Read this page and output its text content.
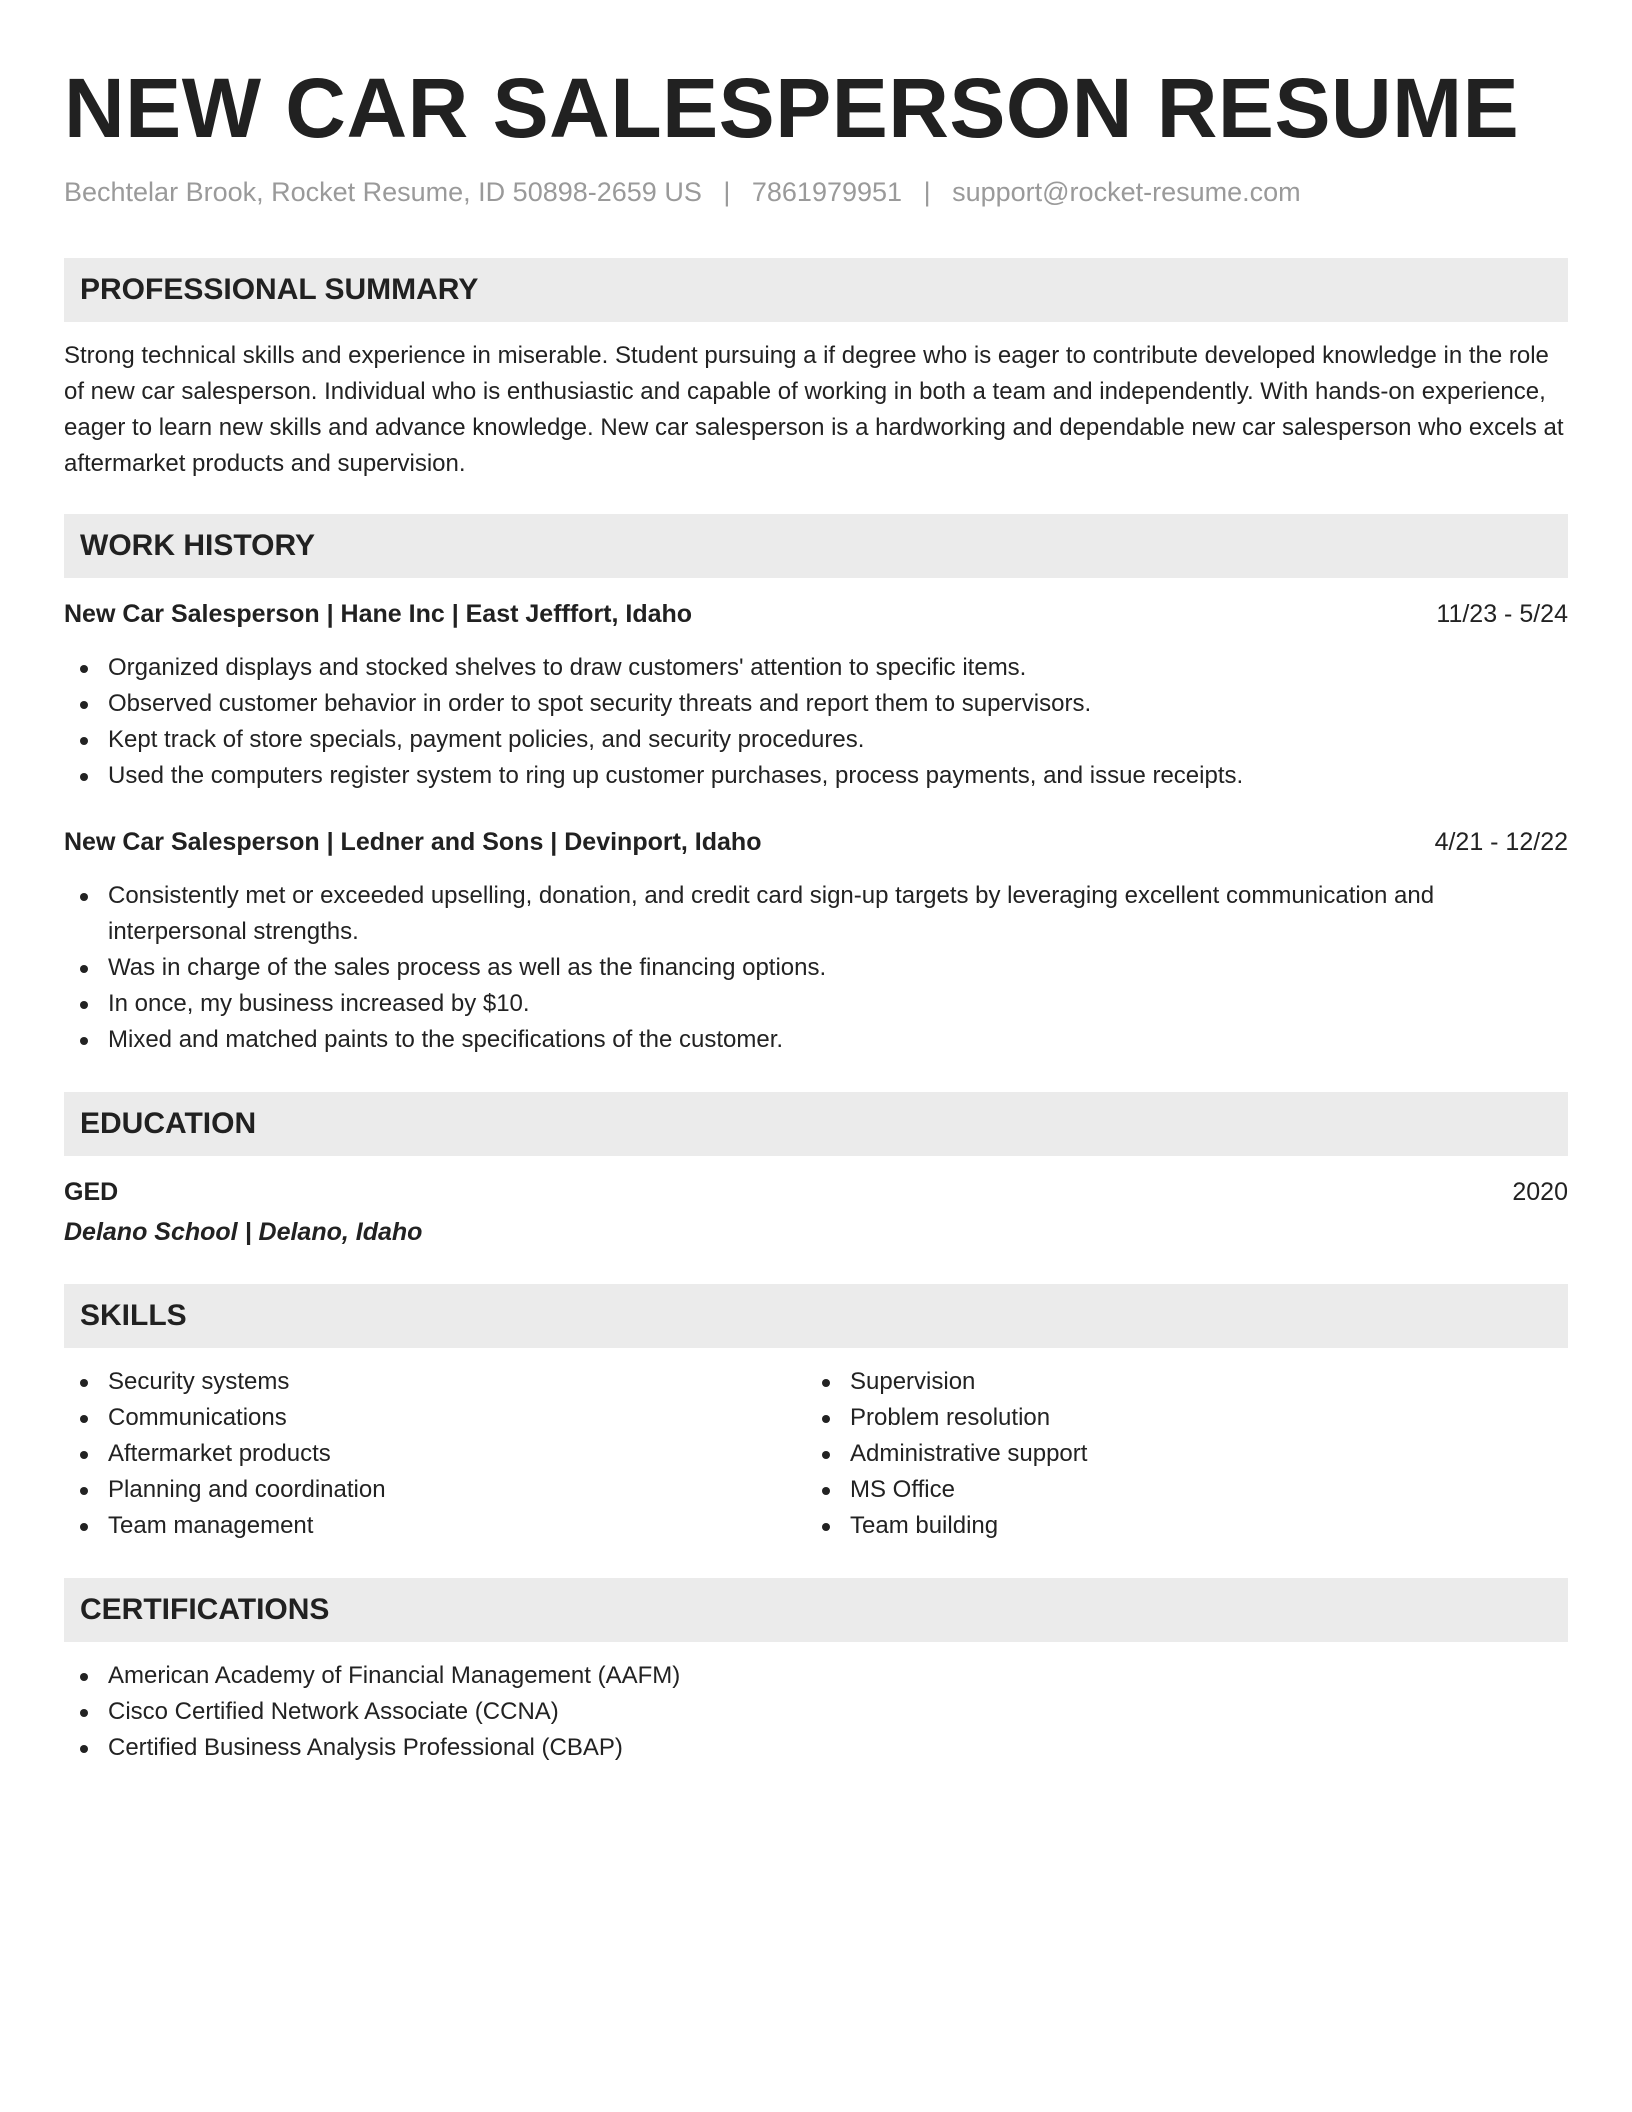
NEW CAR SALESPERSON RESUME
Bechtelar Brook, Rocket Resume, ID 50898-2659 US | 7861979951 | support@rocket-resume.com
PROFESSIONAL SUMMARY
Strong technical skills and experience in miserable. Student pursuing a if degree who is eager to contribute developed knowledge in the role of new car salesperson. Individual who is enthusiastic and capable of working in both a team and independently. With hands-on experience, eager to learn new skills and advance knowledge. New car salesperson is a hardworking and dependable new car salesperson who excels at aftermarket products and supervision.
WORK HISTORY
New Car Salesperson | Hane Inc | East Jefffort, Idaho	11/23 - 5/24
Organized displays and stocked shelves to draw customers' attention to specific items.
Observed customer behavior in order to spot security threats and report them to supervisors.
Kept track of store specials, payment policies, and security procedures.
Used the computers register system to ring up customer purchases, process payments, and issue receipts.
New Car Salesperson | Ledner and Sons | Devinport, Idaho	4/21 - 12/22
Consistently met or exceeded upselling, donation, and credit card sign-up targets by leveraging excellent communication and interpersonal strengths.
Was in charge of the sales process as well as the financing options.
In once, my business increased by $10.
Mixed and matched paints to the specifications of the customer.
EDUCATION
GED	2020
Delano School | Delano, Idaho
SKILLS
Security systems
Communications
Aftermarket products
Planning and coordination
Team management
Supervision
Problem resolution
Administrative support
MS Office
Team building
CERTIFICATIONS
American Academy of Financial Management (AAFM)
Cisco Certified Network Associate (CCNA)
Certified Business Analysis Professional (CBAP)
